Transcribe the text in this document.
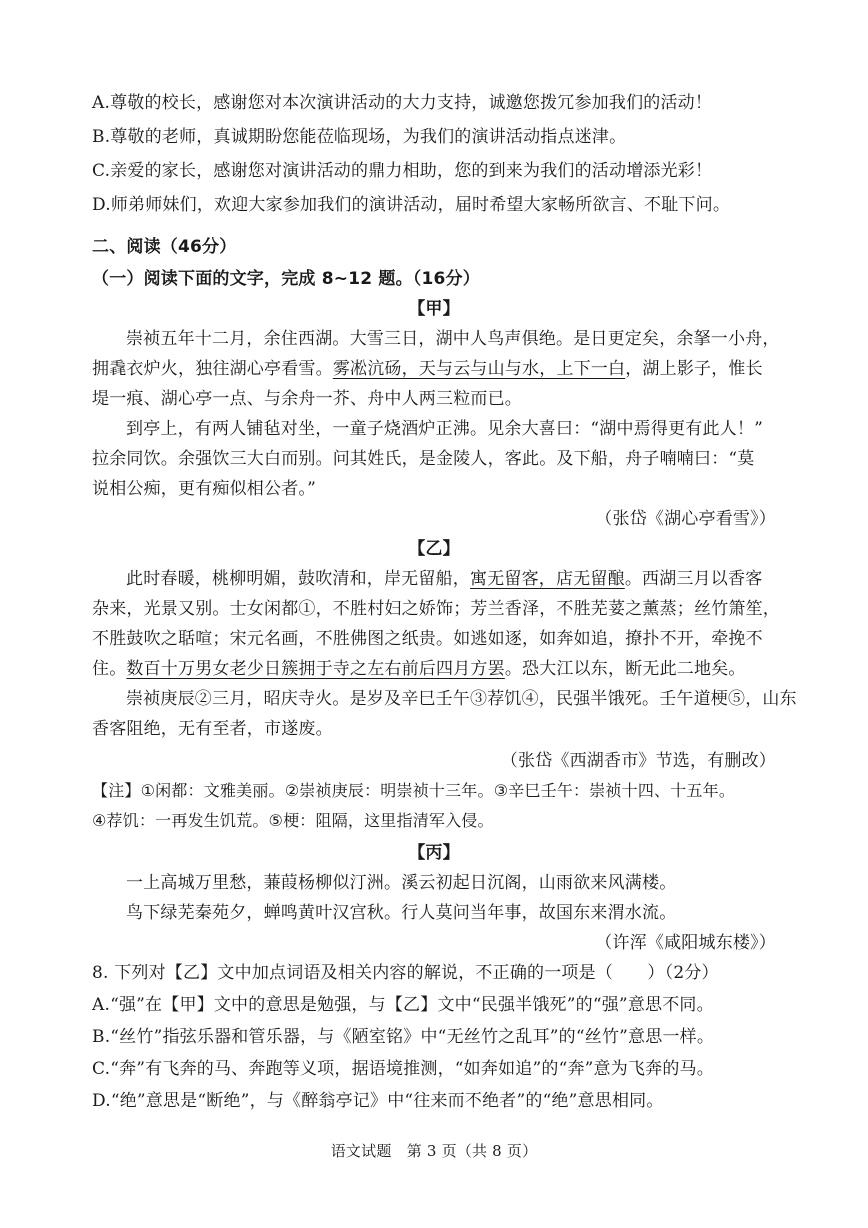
A.尊敬的校长，感谢您对本次演讲活动的大力支持，诚邀您拨冗参加我们的活动！
B.尊敬的老师，真诚期盼您能莅临现场，为我们的演讲活动指点迷津。
C.亲爱的家长，感谢您对演讲活动的鼎力相助，您的到来为我们的活动增添光彩！
D.师弟师妹们，欢迎大家参加我们的演讲活动，届时希望大家畅所欲言、不耻下问。
二、阅读（46分）
（一）阅读下面的文字，完成 8~12 题。（16分）
【甲】
崇祯五年十二月，余住西湖。大雪三日，湖中人鸟声俱绝。是日更定矣，余拏一小舟，
拥毳衣炉火，独往湖心亭看雪。雾凇沆砀，天与云与山与水，上下一白，湖上影子，惟长
堤一痕、湖心亭一点、与余舟一芥、舟中人两三粒而已。
到亭上，有两人铺毡对坐，一童子烧酒炉正沸。见余大喜曰：“湖中焉得更有此人！”
拉余同饮。余强饮三大白而别。问其姓氏，是金陵人，客此。及下船，舟子喃喃曰：“莫
说相公痴，更有痴似相公者。”
（张岱《湖心亭看雪》）
【乙】
此时春暖，桃柳明媚，鼓吹清和，岸无留船，寓无留客，店无留酿。西湖三月以香客
杂来，光景又别。士女闲都①，不胜村妇之娇饰；芳兰香泽，不胜芜荽之薰蒸；丝竹箫笙，
不胜鼓吹之聒喧；宋元名画，不胜佛图之纸贵。如逃如逐，如奔如追，撩扑不开，牵挽不
住。数百十万男女老少日簇拥于寺之左右前后四月方罢。恐大江以东，断无此二地矣。
崇祯庚辰②三月，昭庆寺火。是岁及辛巳壬午③荐饥④，民强半饿死。壬午道梗⑤，山东
香客阻绝，无有至者，市遂废。
（张岱《西湖香市》节选，有删改）
【注】①闲都：文雅美丽。②崇祯庚辰：明崇祯十三年。③辛巳壬午：崇祯十四、十五年。
④荐饥：一再发生饥荒。⑤梗：阻隔，这里指清军入侵。
【丙】
一上高城万里愁，蒹葭杨柳似汀洲。溪云初起日沉阁，山雨欲来风满楼。
鸟下绿芜秦苑夕，蝉鸣黄叶汉宫秋。行人莫问当年事，故国东来渭水流。
（许浑《咸阳城东楼》）
8. 下列对【乙】文中加点词语及相关内容的解说，不正确的一项是（　　）（2分）
A.“强”在【甲】文中的意思是勉强，与【乙】文中“民强半饿死”的“强”意思不同。
B.“丝竹”指弦乐器和管乐器，与《陋室铭》中“无丝竹之乱耳”的“丝竹”意思一样。
C.“奔”有飞奔的马、奔跑等义项，据语境推测，“如奔如追”的“奔”意为飞奔的马。
D.“绝”意思是“断绝”，与《醉翁亭记》中“往来而不绝者”的“绝”意思相同。
语文试题　第 3 页（共 8 页）
